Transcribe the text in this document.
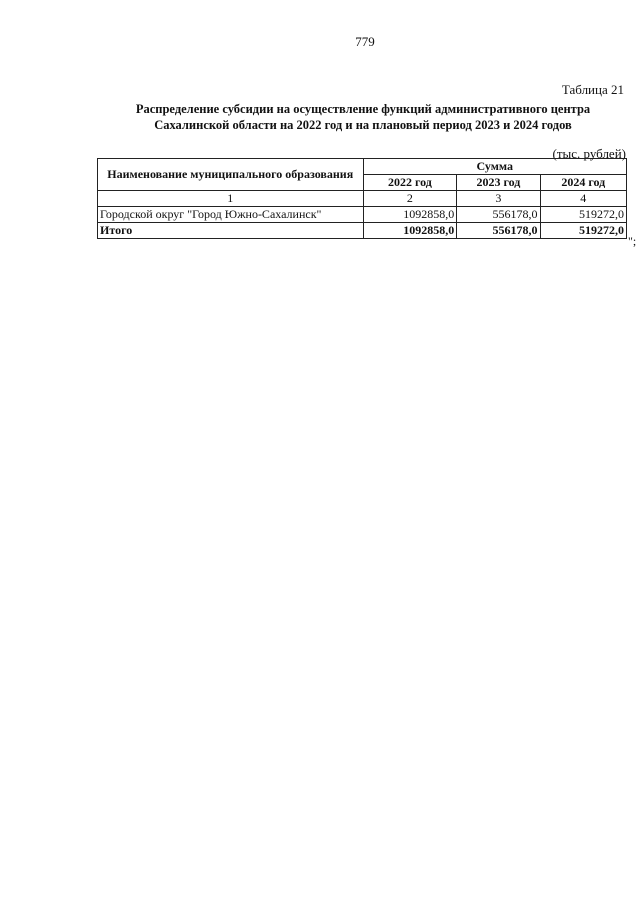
779
Таблица 21
Распределение субсидии на осуществление функций административного центра
Сахалинской области на 2022 год и на плановый период 2023 и 2024 годов
(тыс. рублей)
Наименование муниципального образования	Сумма		
	2022 год	2023 год	2024 год
1	2	3	4
Городской округ "Город Южно-Сахалинск"	1092858,0	556178,0	519272,0
Итого	1092858,0	556178,0	519272,0
";
